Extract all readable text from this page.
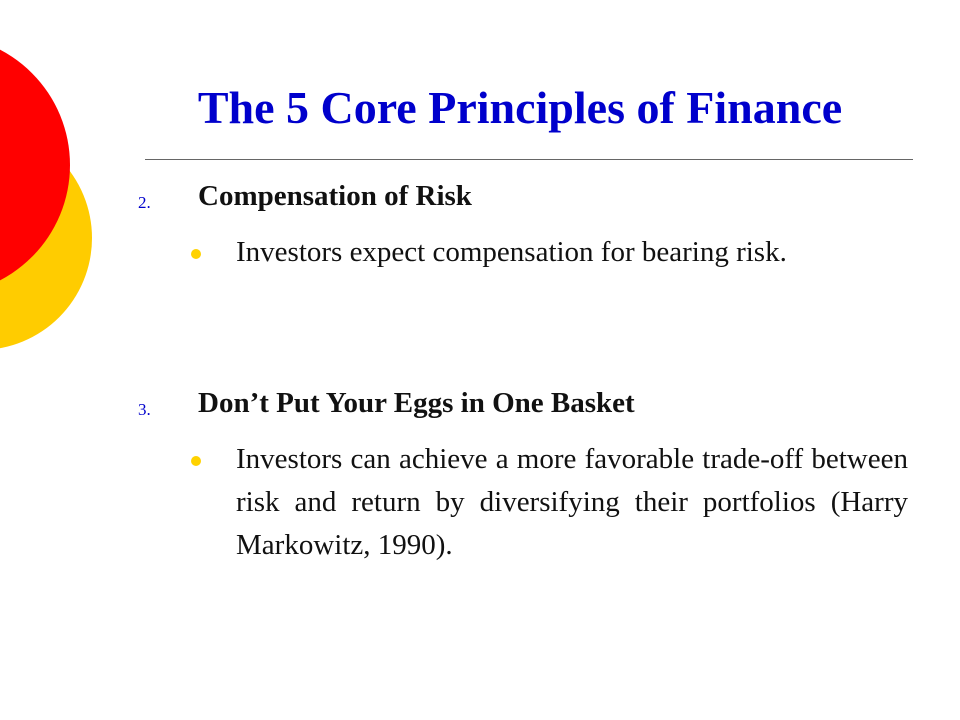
The 5 Core Principles of Finance
2. Compensation of Risk

Investors expect compensation for bearing risk.

3. Don’t Put Your Eggs in One Basket

Investors can achieve a more favorable trade-off between risk and return by diversifying their portfolios (Harry Markowitz, 1990).
